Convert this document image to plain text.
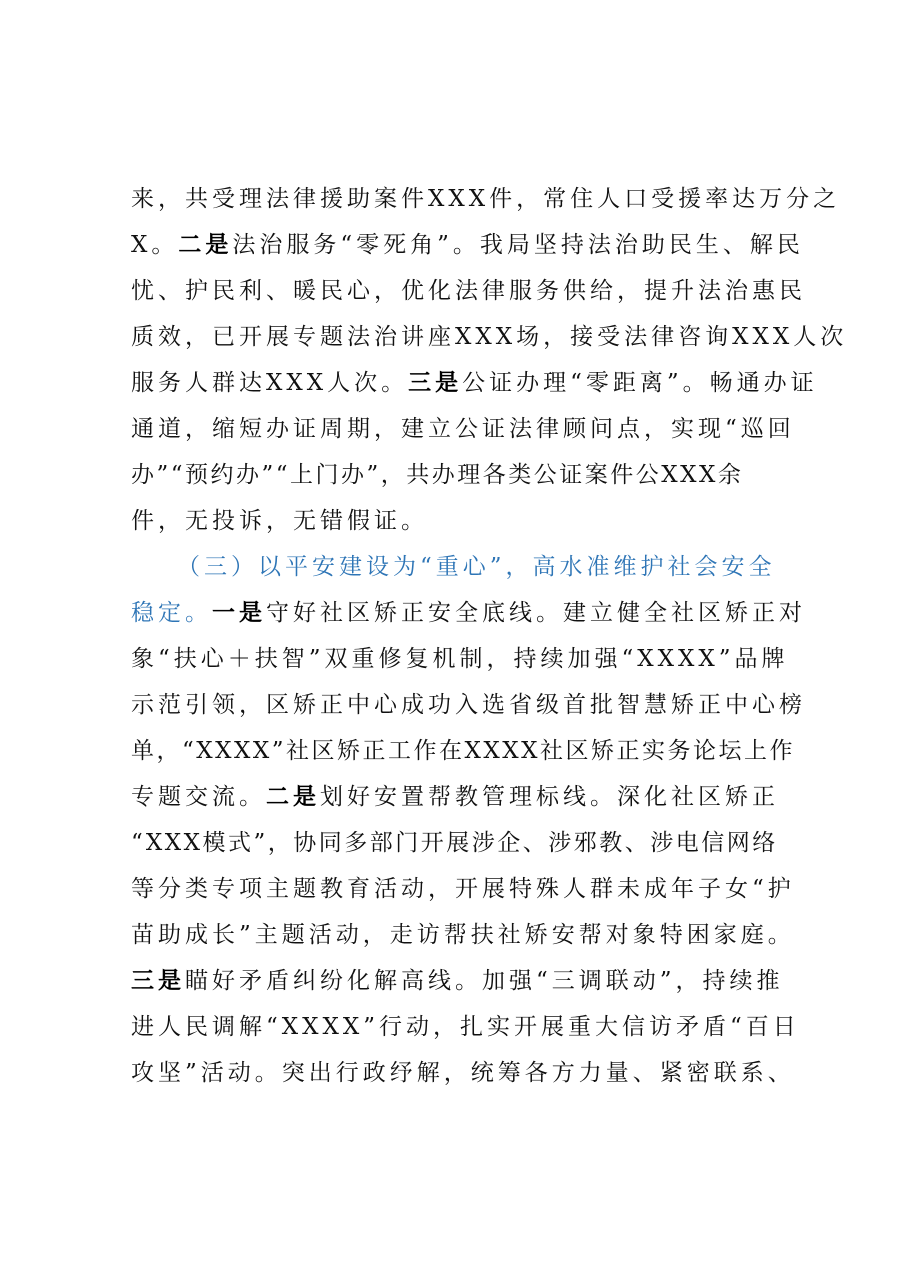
来，共受理法律援助案件XXX件，常住人口受援率达万分之
X。二是法治服务“零死角”。我局坚持法治助民生、解民
忧、护民利、暖民心，优化法律服务供给，提升法治惠民
质效，已开展专题法治讲座XXX场，接受法律咨询XXX人次
服务人群达XXX人次。三是公证办理“零距离”。畅通办证
通道，缩短办证周期，建立公证法律顾问点，实现“巡回
办”“预约办”“上门办”，共办理各类公证案件公XXX余
件，无投诉，无错假证。
（三）以平安建设为“重心”，高水准维护社会安全
稳定。一是守好社区矫正安全底线。建立健全社区矫正对
象“扶心＋扶智”双重修复机制，持续加强“XXXX”品牌
示范引领，区矫正中心成功入选省级首批智慧矫正中心榜
单，“XXXX”社区矫正工作在XXXX社区矫正实务论坛上作
专题交流。二是划好安置帮教管理标线。深化社区矫正
“XXX模式”，协同多部门开展涉企、涉邪教、涉电信网络
等分类专项主题教育活动，开展特殊人群未成年子女“护
苗助成长”主题活动，走访帮扶社矫安帮对象特困家庭。
三是瞄好矛盾纠纷化解高线。加强“三调联动”，持续推
进人民调解“XXXX”行动，扎实开展重大信访矛盾“百日
攻坚”活动。突出行政纾解，统筹各方力量、紧密联系、
